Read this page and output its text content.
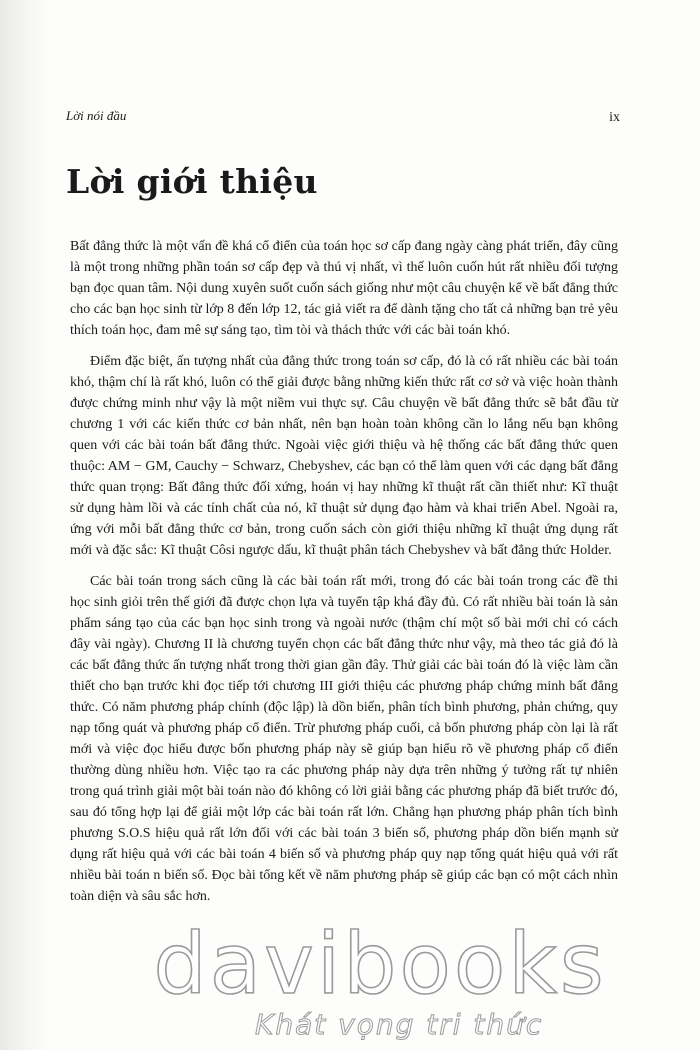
Lời nói đầu	ix
Lời giới thiệu

Bất đẳng thức là một vấn đề khá cổ điển của toán học sơ cấp đang ngày càng phát triển, đây cũng là một trong những phần toán sơ cấp đẹp và thú vị nhất, vì thế luôn cuốn hút rất nhiều đối tượng bạn đọc quan tâm. Nội dung xuyên suốt cuốn sách giống như một câu chuyện kể về bất đẳng thức cho các bạn học sinh từ lớp 8 đến lớp 12, tác giả viết ra để dành tặng cho tất cả những bạn trẻ yêu thích toán học, đam mê sự sáng tạo, tìm tòi và thách thức với các bài toán khó.

Điểm đặc biệt, ấn tượng nhất của đẳng thức trong toán sơ cấp, đó là có rất nhiều các bài toán khó, thậm chí là rất khó, luôn có thể giải được bằng những kiến thức rất cơ sở và việc hoàn thành được chứng minh như vậy là một niềm vui thực sự. Câu chuyện về bất đẳng thức sẽ bắt đầu từ chương 1 với các kiến thức cơ bản nhất, nên bạn hoàn toàn không cần lo lắng nếu bạn không quen với các bài toán bất đẳng thức. Ngoài việc giới thiệu và hệ thống các bất đẳng thức quen thuộc: AM − GM, Cauchy − Schwarz, Chebyshev, các bạn có thể làm quen với các dạng bất đẳng thức quan trọng: Bất đẳng thức đối xứng, hoán vị hay những kĩ thuật rất cần thiết như: Kĩ thuật sử dụng hàm lồi và các tính chất của nó, kĩ thuật sử dụng đạo hàm và khai triển Abel. Ngoài ra, ứng với mỗi bất đẳng thức cơ bản, trong cuốn sách còn giới thiệu những kĩ thuật ứng dụng rất mới và đặc sắc: Kĩ thuật Côsi ngược dấu, kĩ thuật phân tách Chebyshev và bất đẳng thức Holder.

Các bài toán trong sách cũng là các bài toán rất mới, trong đó các bài toán trong các đề thi học sinh giỏi trên thế giới đã được chọn lựa và tuyển tập khá đầy đủ. Có rất nhiều bài toán là sản phẩm sáng tạo của các bạn học sinh trong và ngoài nước (thậm chí một số bài mới chỉ có cách đây vài ngày). Chương II là chương tuyển chọn các bất đẳng thức như vậy, mà theo tác giả đó là các bất đẳng thức ấn tượng nhất trong thời gian gần đây. Thử giải các bài toán đó là việc làm cần thiết cho bạn trước khi đọc tiếp tới chương III giới thiệu các phương pháp chứng minh bất đẳng thức. Có năm phương pháp chính (độc lập) là dồn biến, phân tích bình phương, phản chứng, quy nạp tổng quát và phương pháp cổ điển. Trừ phương pháp cuối, cả bốn phương pháp còn lại là rất mới và việc đọc hiểu được bốn phương pháp này sẽ giúp bạn hiểu rõ về phương pháp cổ điển thường dùng nhiều hơn. Việc tạo ra các phương pháp này dựa trên những ý tưởng rất tự nhiên trong quá trình giải một bài toán nào đó không có lời giải bằng các phương pháp đã biết trước đó, sau đó tổng hợp lại để giải một lớp các bài toán rất lớn. Chẳng hạn phương pháp phân tích bình phương S.O.S hiệu quả rất lớn đối với các bài toán 3 biến số, phương pháp dồn biến mạnh sử dụng rất hiệu quả với các bài toán 4 biến số và phương pháp quy nạp tổng quát hiệu quả với rất nhiều bài toán n biến số. Đọc bài tổng kết về năm phương pháp sẽ giúp các bạn có một cách nhìn toàn diện và sâu sắc hơn.

davibooks
Khát vọng tri thức
